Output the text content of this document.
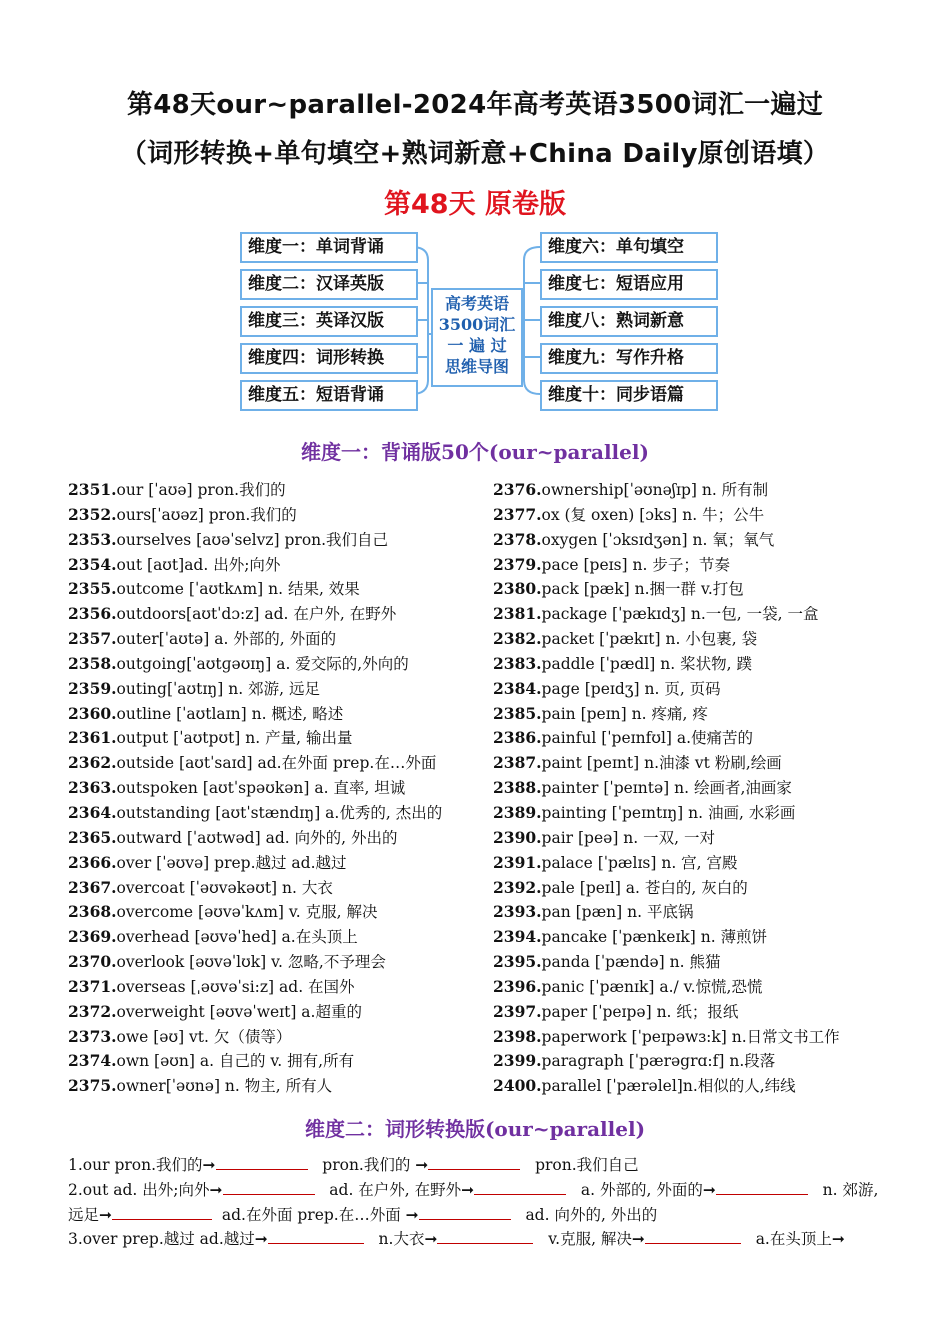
第48天our~parallel-2024年高考英语3500词汇一遍过
（词形转换+单句填空+熟词新意+China Daily原创语填）
第48天 原卷版
维度一：单词背诵
维度二：汉译英版
维度三：英译汉版
维度四：词形转换
维度五：短语背诵
维度六：单句填空
维度七：短语应用
维度八：熟词新意
维度九：写作升格
维度十：同步语篇
高考英语
3500词汇
一 遍 过
思维导图
维度一：背诵版50个(our~parallel)
2351.our [ˈaʊə] pron.我们的
2352.ours[ˈaʊəz] pron.我们的
2353.ourselves [aʊəˈselvz] pron.我们自己
2354.out [aʊt]ad. 出外;向外
2355.outcome [ˈaʊtkʌm] n. 结果, 效果
2356.outdoors[aʊtˈdɔ:z] ad. 在户外, 在野外
2357.outer[ˈaʊtə] a. 外部的, 外面的
2358.outgoing[ˈaʊtɡəʊɪŋ] a. 爱交际的,外向的
2359.outing[ˈaʊtɪŋ] n. 郊游, 远足
2360.outline [ˈaʊtlaɪn] n. 概述, 略述
2361.output [ˈaʊtpʊt] n. 产量, 输出量
2362.outside [aʊtˈsaɪd] ad.在外面 prep.在…外面
2363.outspoken [aʊtˈspəʊkən] a. 直率, 坦诚
2364.outstanding [aʊtˈstændɪŋ] a.优秀的, 杰出的
2365.outward [ˈaʊtwəd] ad. 向外的, 外出的
2366.over [ˈəʊvə] prep.越过 ad.越过
2367.overcoat [ˈəʊvəkəʊt] n. 大衣
2368.overcome [əʊvəˈkʌm] v. 克服, 解决
2369.overhead [əʊvəˈhed] a.在头顶上
2370.overlook [əʊvəˈlʊk] v. 忽略,不予理会
2371.overseas [ˌəʊvəˈsi:z] ad. 在国外
2372.overweight [əʊvəˈweɪt] a.超重的
2373.owe [əʊ] vt. 欠（债等）
2374.own [əʊn] a. 自己的 v. 拥有,所有
2375.owner[ˈəʊnə] n. 物主, 所有人
2376.ownership[ˈəʊnəʃɪp] n. 所有制
2377.ox (复 oxen) [ɔks] n. 牛；公牛
2378.oxygen [ˈɔksɪdʒən] n. 氧；氧气
2379.pace [peɪs] n. 步子；节奏
2380.pack [pæk] n.捆一群 v.打包
2381.package [ˈpækɪdʒ] n.一包, 一袋, 一盒
2382.packet [ˈpækɪt] n. 小包裹, 袋
2383.paddle [ˈpædl] n. 桨状物, 蹼
2384.page [peɪdʒ] n. 页, 页码
2385.pain [peɪn] n. 疼痛, 疼
2386.painful [ˈpeɪnfʊl] a.使痛苦的
2387.paint [peɪnt] n.油漆 vt 粉刷,绘画
2388.painter [ˈpeɪntə] n. 绘画者,油画家
2389.painting [ˈpeɪntɪŋ] n. 油画, 水彩画
2390.pair [peə] n. 一双, 一对
2391.palace [ˈpælɪs] n. 宫, 宫殿
2392.pale [peɪl] a. 苍白的, 灰白的
2393.pan [pæn] n. 平底锅
2394.pancake [ˈpænkeɪk] n. 薄煎饼
2395.panda [ˈpændə] n. 熊猫
2396.panic [ˈpænɪk] a./ v.惊慌,恐慌
2397.paper [ˈpeɪpə] n. 纸；报纸
2398.paperwork [ˈpeɪpəwɜ:k] n.日常文书工作
2399.paragraph [ˈpærəgrɑ:f] n.段落
2400.parallel [ˈpærəlel]n.相似的人,纬线
维度二：词形转换版(our~parallel)
1.our pron.我们的➞	pron.我们的 ➞	pron.我们自己
2.out ad. 出外;向外➞	ad. 在户外, 在野外➞	a. 外部的, 外面的➞	n. 郊游,
远足➞	ad.在外面 prep.在…外面 ➞	ad. 向外的, 外出的
3.over prep.越过 ad.越过➞	n.大衣➞	v.克服, 解决➞	a.在头顶上➞
